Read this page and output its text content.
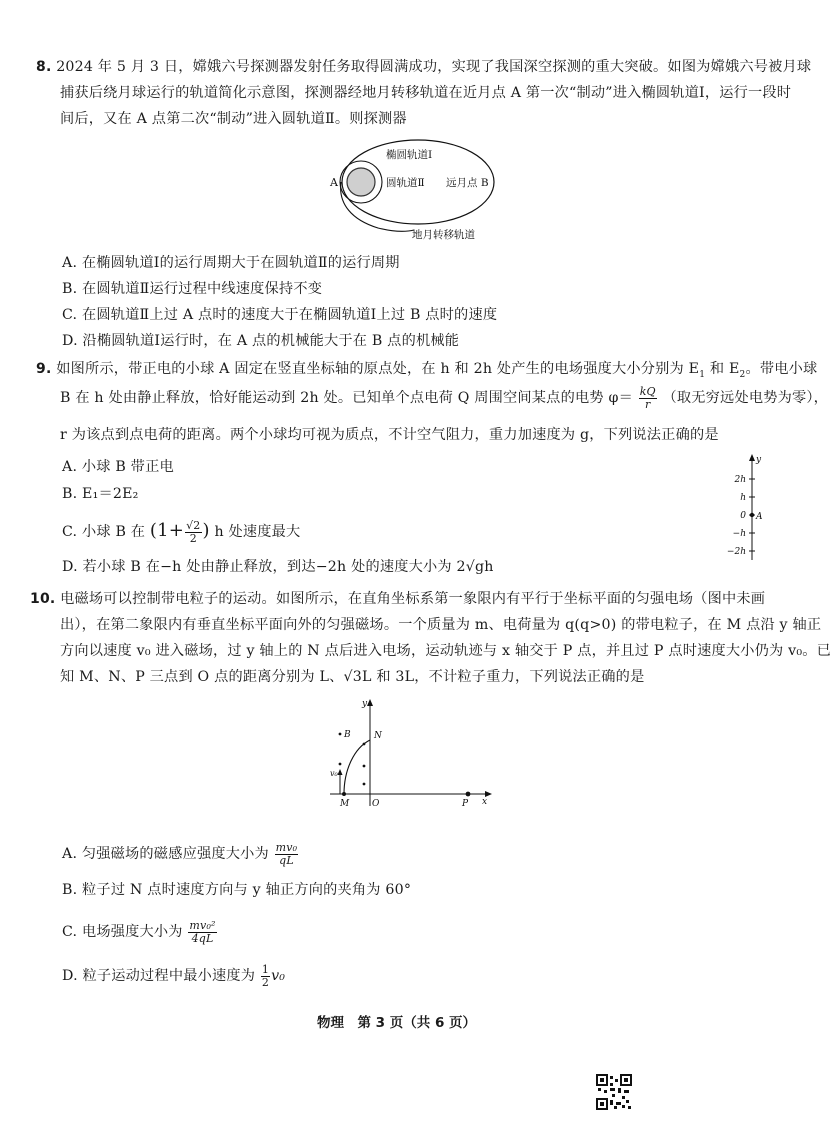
8. 2024 年 5 月 3 日，嫦娥六号探测器发射任务取得圆满成功，实现了我国深空探测的重大突破。如图为嫦娥六号被月球
捕获后绕月球运行的轨道简化示意图，探测器经地月转移轨道在近月点 A 第一次“制动”进入椭圆轨道Ⅰ，运行一段时
间后，又在 A 点第二次“制动”进入圆轨道Ⅱ。则探测器
A
椭圆轨道Ⅰ
圆轨道Ⅱ 远月点 B
地月转移轨道
A. 在椭圆轨道Ⅰ的运行周期大于在圆轨道Ⅱ的运行周期
B. 在圆轨道Ⅱ运行过程中线速度保持不变
C. 在圆轨道Ⅱ上过 A 点时的速度大于在椭圆轨道Ⅰ上过 B 点时的速度
D. 沿椭圆轨道Ⅰ运行时，在 A 点的机械能大于在 B 点的机械能
9. 如图所示，带正电的小球 A 固定在竖直坐标轴的原点处，在 h 和 2h 处产生的电场强度大小分别为 $E_1$ 和 $E_2$。带电小球
B 在 h 处由静止释放，恰好能运动到 2h 处。已知单个点电荷 Q 周围空间某点的电势 $\varphi= \frac{kQ}{r}$ （取无穷远处电势为零），
r 为该点到点电荷的距离。两个小球均可视为质点，不计空气阻力，重力加速度为 g，下列说法正确的是
A. 小球 B 带正电
B. E₁＝2E₂
C. 小球 B 在 ($1+ \frac{√2}{2}$ ) h 处速度最大
D. 若小球 B 在−h 处由静止释放，到达−2h 处的速度大小为 2√gh
y
2h
h
0
−h
−2h
A
10. 电磁场可以控制带电粒子的运动。如图所示，在直角坐标系第一象限内有平行于坐标平面的匀强电场（图中未画
出），在第二象限内有垂直坐标平面向外的匀强磁场。一个质量为 m、电荷量为 q(q>0) 的带电粒子，在 M 点沿 y 轴正
方向以速度 v₀ 进入磁场，过 y 轴上的 N 点后进入电场，运动轨迹与 x 轴交于 P 点，并且过 P 点时速度大小仍为 v₀。已
知 M、N、P 三点到 O 点的距离分别为 L、√3L 和 3L，不计粒子重力，下列说法正确的是
x
y
B
v₀
M
N
O	P
A. 匀强磁场的磁感应强度大小为 $\frac{\text{mv₀}}{qL}$
B. 粒子过 N 点时速度方向与 y 轴正方向的夹角为 60°
C. 电场强度大小为 $\frac{\text{mv₀²}}{4qL}$
D. 粒子运动过程中最小速度为 $\frac{1}{2} v_0$
物理　第 3 页（共 6 页）
